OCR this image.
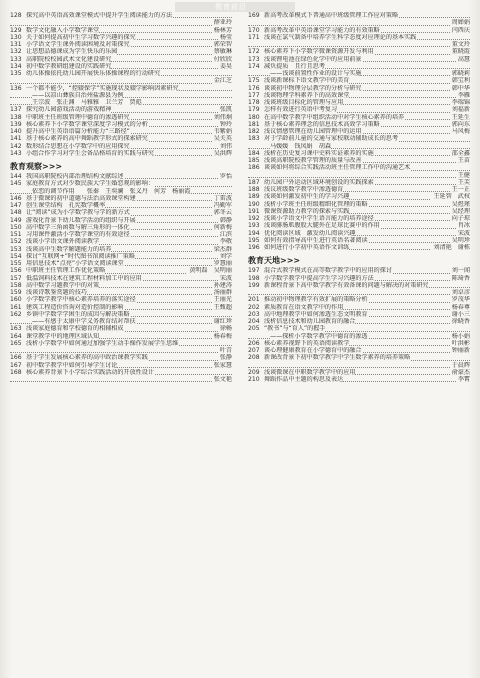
教育前沿
128 探究高中英语高效课堂模式中提升学生阅读能力的方法
薛亚玲
129 数学文化融入小学数学课堂	杨林芳
130 关于如何提高初中生学习数学兴趣的探究	杨莹
131 小学语文学生课外阅读困境及对策探究	郭荣智
132 让思想品德课成为学生快乐的乐园	蔡敏琳
133 高职院校校园武术文化建设研究	付欣欣
134 初中数学教研组建设的实践研究	姜昊
135 幼儿体操依托幼儿园开展快乐体操课程的行动研究
金江芝
136 一个都不能少，“控辍保学”实施现状及辍学影响因素研究
——以凉山彝族自治州盐源县为例
王宗波　张正渊　马雅雅　卫兰芳　贾彪
137 探究幼儿园游戏活动的游戏精神	张凯
138 中职班主任班级管理中德育的渗透研究	刘伟炯
139 核心素养下小学数学课堂深度学习模式的分析	钟玲
140 提升高中生英语语篇分析能力“三路径”	韦紫娟
141 基于核心素养的高中舞蹈教学形式的探索研究	吴关英
142 数形结合思想在小学数学中的应用探究	刘伟
143 小组合作学习对学生会备品格培育的实践与研究	吴洪辉
教育观察>>>
144 我国高职院校内部治理结构文献综述	罗怡
145 家庭教育方式对少数民族大学生婚恋观的影响：
依恋的调节作用　　张秦　王奕澜　张义丹　何芳　杨丽霞
146 基于微课的初中道德与法治高效课堂构建	丁雷波
147 创生课堂结构　孔宪数学概率	冯勤军
148 让“阅读”成为小学数学教与学的新方式	郭冬云
149 游戏化背景下幼儿数学活动的组织与开展	韩静
150 高中数学三角函数与解三角形的一体化	何新梅
151 习用课件激活小学数学课堂的有效途径	江滨
152 浅谈小学语文课外阅读教学	李敬
153 浅谈高中生数学解题能力的培养	梁杰群
154 探讨“互联网+”时代图书馆阅读推广策略	刘学
155 用信息技术“点亮”小学语文阅读课堂	罗慧丽
156 中职班主任管理工作优化策略	黄明磊　吴明丽
157 低温饲料技术在建筑工程材料加工中的应用	宋波
158 高中数学习题教学中的对策	孙建涛
159 浅谈诗歌鉴赏题的技巧	汤丽群
160 小学数学教学中核心素养培养的落实途径	王丽光
161 建筑工程造价咨询对造价控制的影响	王甄超
162 乡镇中学数学学困生的成因与解决策略
——有感于太康中学义务教育结对帮扶	谢红珍
163 浅谈家庭德育和学校德育的相辅相成	徐畅
164 课堂教学中的地理区域认知	杨春梅
165 浅析小学数学中如何通过加强学生动手操作发展学生思维
叶青
166 基于学生发展核心素养的高中政治课教学实践	张静
167 初中数学教学中如何引导学生讨论	张家慧
168 核心素养背景下小学综合实践活动的开放性设计
张文艳
169 新高考改革模式下普通高中班级管理工作应对策略
周婵娟
170 新高考改革中英语课堂学习能力的有效策略	闫西庆
171 浅谈在氯气制备中培养学生科学态度对应理论的基本实践
董文玲
172 核心素养下小学数学微课资源开发与利用	董晓霞
173 浅谈锂电池在绿色化学中的应用前景	高慧
174 减负提质　且行且思考
——浅谈前置性作业的设计与实施	郭晓莉
175 浅谈新课标下语文教学中的美育	韩宝利
176 谈谈初中物理分层教学的分析与研究	韩中华
177 浅谈物理学科素养下的高效课堂	李雁
178 浅谈班级目标化的管理与应用	李瑞锦
179 怎样有效进行英语中考复习	刘福新
180 在高中数学教学中组织活动中对学生核心素养的培养	王延生
181 基于核心素养理念的信息技术高效学习策略	郭向东
182 浅议情感管理在幼儿园管理中的运用	马风梅
183 对于学龄前儿童的交通与家校联动辅助成长的思考
马媛媛　钱凤娟　胡森
184 浅析在历史复习课中史料实证素养的实施	邵全鑫
185 浅谈高职院校教学管理的质量与改善	王苗
186 谈谈如何将综合实践活动班主任管理工作中的沟通艺术
王健
187 幼儿园户外运动区域环境创设的实践探索	王芙
188 浅议班级数学教学中渗透德育	王一正
189 浅谈如何激发初中生的学习兴趣	王延智　武权
190 浅析小学班主任班级精细化管理的策略	吴煜瑾
191 微课资源助力教学的探索与实践	吴经理
192 浅谈小学语文中学生语言能力的培养途径	向子琼
193 浅谈腓肠肌腹股大腿外在足球比赛中的作用	肖冰
194 优化阅读区域　激发幼儿阅读兴趣	宋波
195 如何有效指导高中生进行英语名著阅读	吴明珍
196 如何进行小学初中英语作文训练	刘清艳　谢栋
教育天地>>>
197 混合式教学模式在高等数学教学中的应用的探讨	刘一闻
198 小学数学教学中提高学生学习兴趣的方法	陈琦香
199 新课程背景下高中数学教学有效备课的问题与解决的对策研究
刘卓彦
201 推动初中物理教学有效扩展的策略分析	罗茂华
202 素质教育在语文教学中的作用	杨春尊
203 高中地理教学中如何渗透生态文明教育	谢小三
204 浅析信息技术和幼儿园教育的融合	徐晓香
205 “教书”与“育人”的握手
——探析小学数学教学中德育的渗透	杨小娟
206 核心素养视野下的英语阅读教学	叶洪彬
207 谈心理健康教育在小学德育中的融合	钟丽新
208 新课改背景下初中数学教学中学生数学素养的培养策略
于晨辉
209 浅谈微课在中职数学教学中的应用	俞豪杰
210 舞蹈作品中主题的构思及表达	李霄
